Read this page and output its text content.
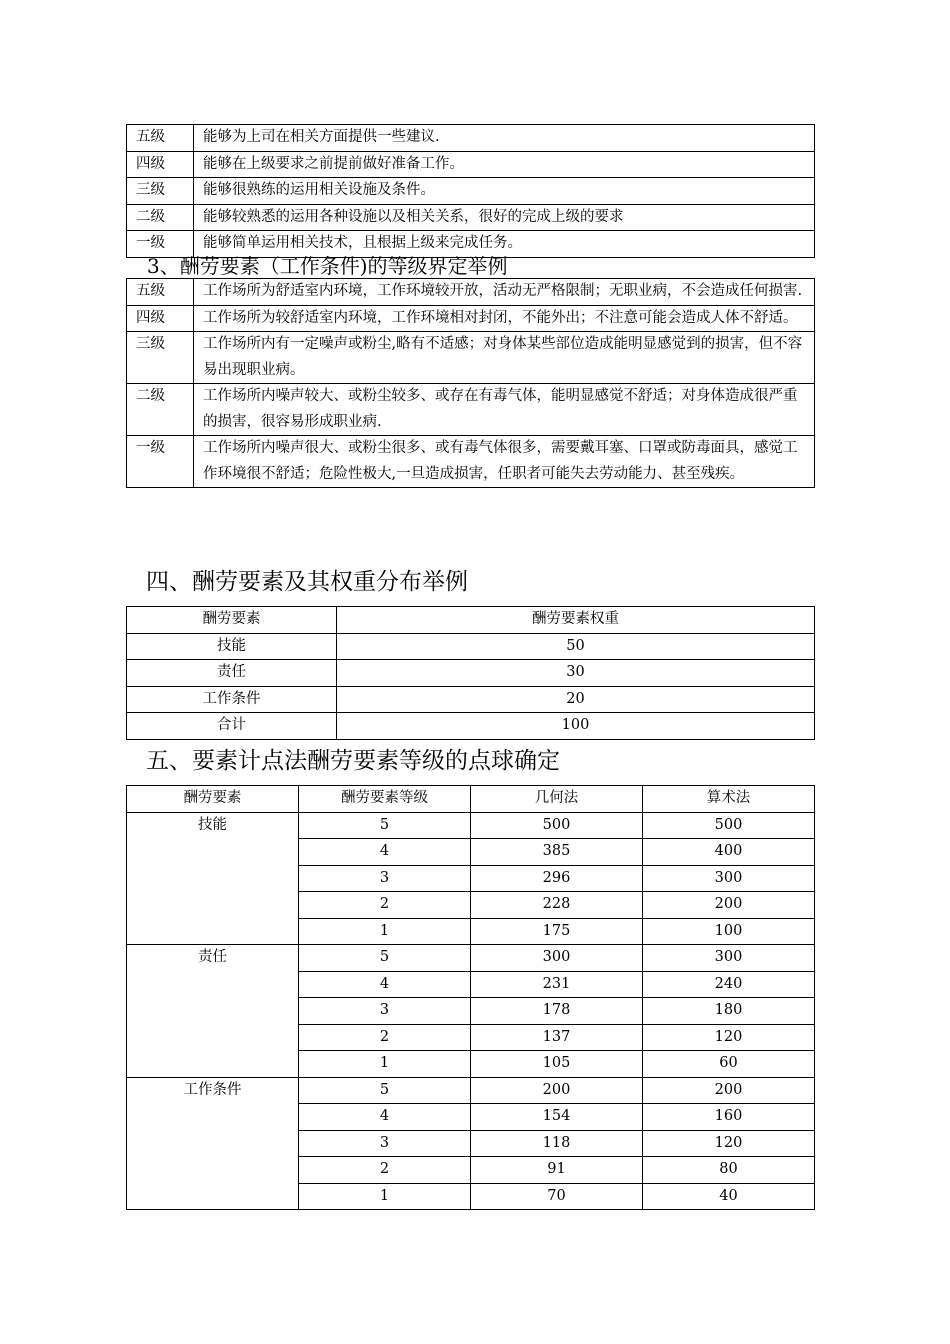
五级	能够为上司在相关方面提供一些建议.
四级	能够在上级要求之前提前做好准备工作。
三级	能够很熟练的运用相关设施及条件。
二级	能够较熟悉的运用各种设施以及相关关系，很好的完成上级的要求
一级	能够简单运用相关技术，且根据上级来完成任务。
3、酬劳要素（工作条件)的等级界定举例
五级	工作场所为舒适室内环境，工作环境较开放，活动无严格限制；无职业病，不会造成任何损害.
四级	工作场所为较舒适室内环境，工作环境相对封闭，不能外出；不注意可能会造成人体不舒适。
三级	工作场所内有一定噪声或粉尘,略有不适感；对身体某些部位造成能明显感觉到的损害，但不容易出现职业病。
二级	工作场所内噪声较大、或粉尘较多、或存在有毒气体，能明显感觉不舒适；对身体造成很严重的损害，很容易形成职业病.
一级	工作场所内噪声很大、或粉尘很多、或有毒气体很多，需要戴耳塞、口罩或防毒面具，感觉工作环境很不舒适；危险性极大,一旦造成损害，任职者可能失去劳动能力、甚至残疾。
四、酬劳要素及其权重分布举例
酬劳要素	酬劳要素权重
技能	50
责任	30
工作条件	20
合计	100
五、要素计点法酬劳要素等级的点球确定
酬劳要素	酬劳要素等级	几何法	算术法
技能	5	500	500
	4	385	400
	3	296	300
	2	228	200
	1	175	100
责任	5	300	300
	4	231	240
	3	178	180
	2	137	120
	1	105	60
工作条件	5	200	200
	4	154	160
	3	118	120
	2	91	80
	1	70	40
